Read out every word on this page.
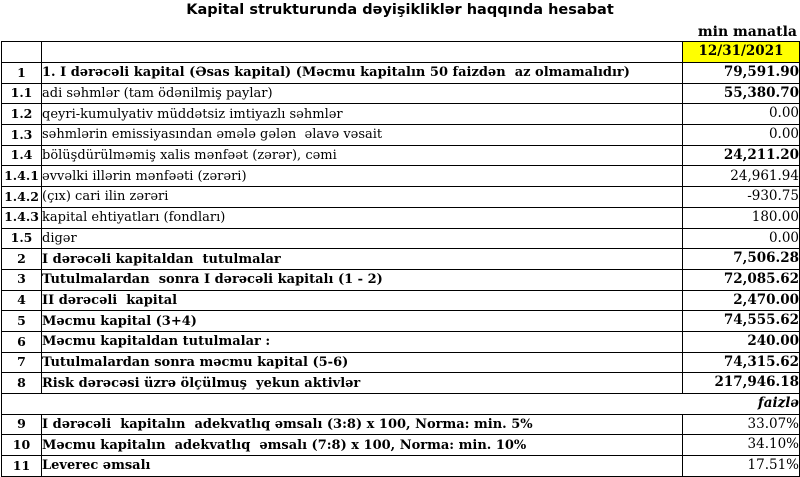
Kapital strukturunda dəyişikliklər haqqında hesabat
min manatla
		12/31/2021
1	1. I dərəcəli kapital (Əsas kapital) (Məcmu kapitalın 50 faizdən  az olmamalıdır)	79,591.90
1.1	adi səhmlər (tam ödənilmiş paylar)	55,380.70
1.2	qeyri-kumulyativ müddətsiz imtiyazlı səhmlər	0.00
1.3	səhmlərin emissiyasından əmələ gələn  əlavə vəsait	0.00
1.4	bölüşdürülməmiş xalis mənfəət (zərər), cəmi	24,211.20
1.4.1	əvvəlki illərin mənfəəti (zərəri)	24,961.94
1.4.2	(çıx) cari ilin zərəri	-930.75
1.4.3	kapital ehtiyatları (fondları)	180.00
1.5	digər	0.00
2	I dərəcəli kapitaldan  tutulmalar	7,506.28
3	Tutulmalardan  sonra I dərəcəli kapitalı (1 - 2)	72,085.62
4	II dərəcəli  kapital	2,470.00
5	Məcmu kapital (3+4)	74,555.62
6	Məcmu kapitaldan tutulmalar :	240.00
7	Tutulmalardan sonra məcmu kapital (5-6)	74,315.62
8	Risk dərəcəsi üzrə ölçülmuş  yekun aktivlər	217,946.18
faizlə		
9	I dərəcəli  kapitalın  adekvatlıq əmsalı (3:8) x 100, Norma: min. 5%	33.07%
10	Məcmu kapitalın  adekvatlıq  əmsalı (7:8) x 100, Norma: min. 10%	34.10%
11	Leverec əmsalı	17.51%
